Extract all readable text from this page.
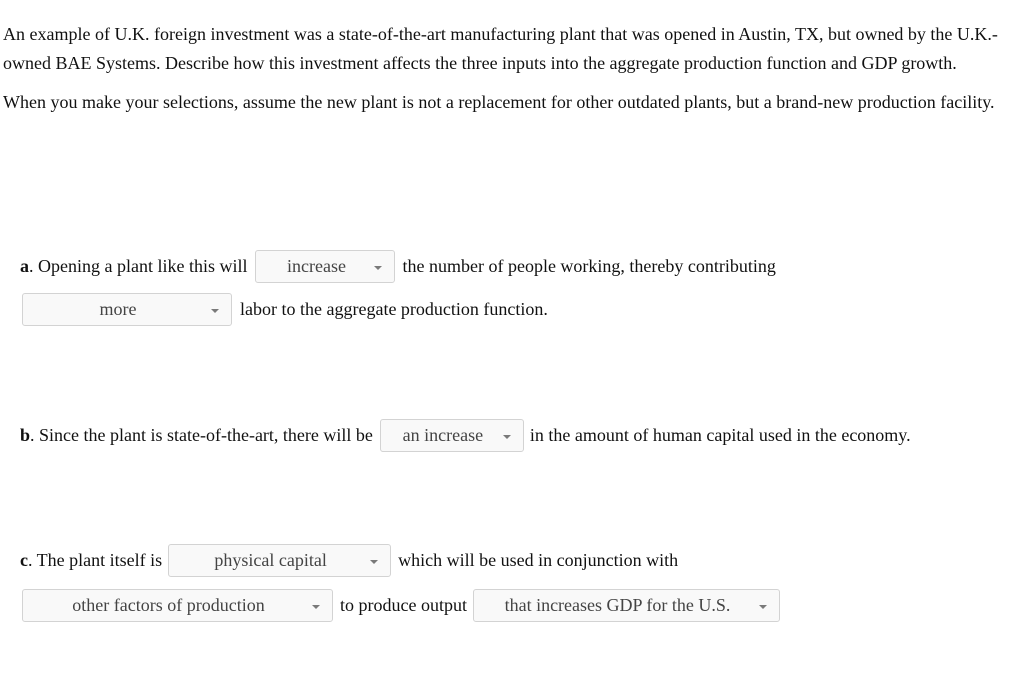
An example of U.K. foreign investment was a state-of-the-art manufacturing plant that was opened in Austin, TX, but owned by the U.K.-owned BAE Systems. Describe how this investment affects the three inputs into the aggregate production function and GDP growth.

When you make your selections, assume the new plant is not a replacement for other outdated plants, but a brand-new production facility.

a . Opening a plant like this will increase	the number of people working, thereby contributing
more	labor to the aggregate production function.
b . Since the plant is state-of-the-art, there will be an increase	in the amount of human capital used in the economy.
c . The plant itself is	physical capital	which will be used in conjunction with
other factors of production	to produce output that increases GDP for the U.S.
